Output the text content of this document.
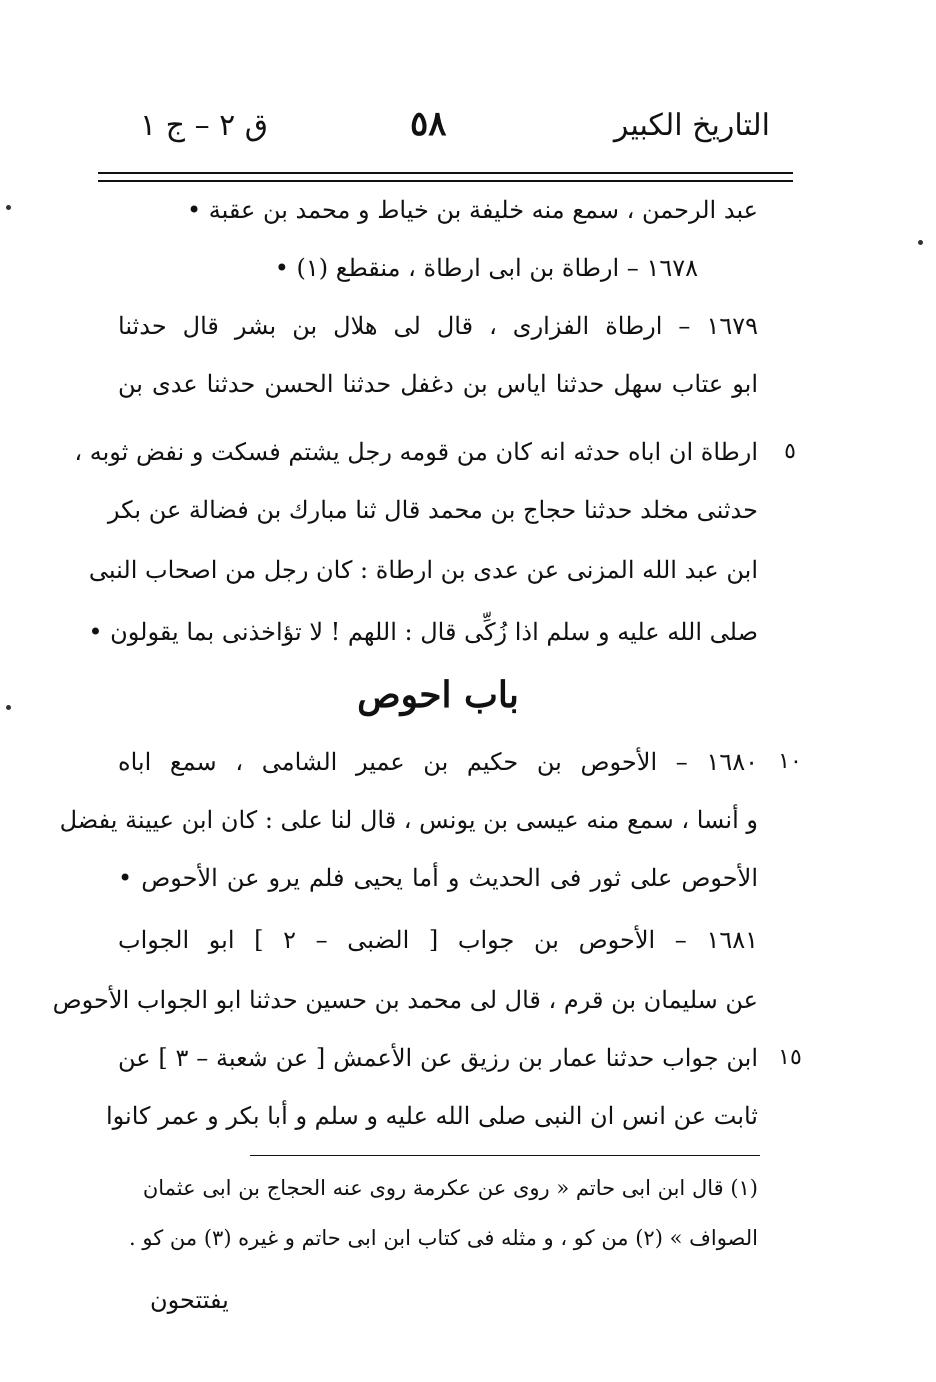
التاريخ الكبير
٥٨
ق ٢ – ج ١
عبد الرحمن ، سمع منه خليفة بن خياط و محمد بن عقبة •
١٦٧٨ – ارطاة بن ابى ارطاة ، منقطع (١) •
١٦٧٩ – ارطاة الفزارى ، قال لى هلال بن بشر قال حدثنا
ابو عتاب سهل حدثنا اياس بن دغفل حدثنا الحسن حدثنا عدى بن
٥
ارطاة ان اباه حدثه انه كان من قومه رجل يشتم فسكت و نفض ثوبه ،
حدثنى مخلد حدثنا حجاج بن محمد قال ثنا مبارك بن فضالة عن بكر
ابن عبد الله المزنى عن عدى بن ارطاة : كان رجل من اصحاب النبى
صلى الله عليه و سلم اذا زُكِّى قال : اللهم ! لا تؤاخذنى بما يقولون •
باب احوص
١٠
١٦٨٠ – الأحوص بن حكيم بن عمير الشامى ، سمع اباه
و أنسا ، سمع منه عيسى بن يونس ، قال لنا على : كان ابن عيينة يفضل
الأحوص على ثور فى الحديث و أما يحيى فلم يرو عن الأحوص •
١٦٨١ – الأحوص بن جواب [ الضبى – ٢ ] ابو الجواب
عن سليمان بن قرم ، قال لى محمد بن حسين حدثنا ابو الجواب الأحوص
١٥
ابن جواب حدثنا عمار بن رزيق عن الأعمش [ عن شعبة – ٣ ] عن
ثابت عن انس ان النبى صلى الله عليه و سلم و أبا بكر و عمر كانوا
(١) قال ابن ابى حاتم « روى عن عكرمة روى عنه الحجاج بن ابى عثمان
الصواف » (٢) من كو ، و مثله فى كتاب ابن ابى حاتم و غيره (٣) من كو .
يفتتحون
